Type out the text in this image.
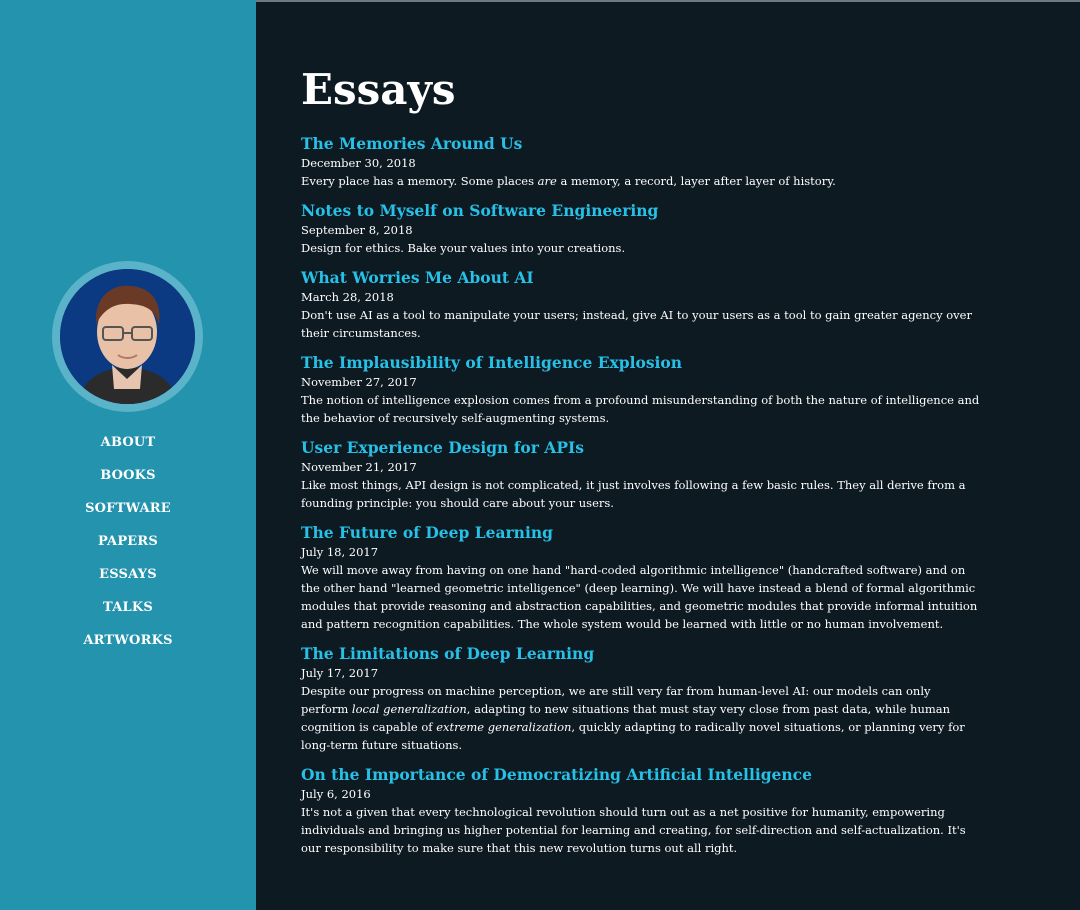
ABOUT
BOOKS
SOFTWARE
PAPERS
ESSAYS
TALKS
ARTWORKS
Essays
The Memories Around Us
December 30, 2018
Every place has a memory. Some places are a memory, a record, layer after layer of history.
Notes to Myself on Software Engineering
September 8, 2018
Design for ethics. Bake your values into your creations.
What Worries Me About AI
March 28, 2018
Don't use AI as a tool to manipulate your users; instead, give AI to your users as a tool to gain greater agency over their circumstances.
The Implausibility of Intelligence Explosion
November 27, 2017
The notion of intelligence explosion comes from a profound misunderstanding of both the nature of intelligence and the behavior of recursively self-augmenting systems.
User Experience Design for APIs
November 21, 2017
Like most things, API design is not complicated, it just involves following a few basic rules. They all derive from a founding principle: you should care about your users.
The Future of Deep Learning
July 18, 2017
We will move away from having on one hand "hard-coded algorithmic intelligence" (handcrafted software) and on the other hand "learned geometric intelligence" (deep learning). We will have instead a blend of formal algorithmic modules that provide reasoning and abstraction capabilities, and geometric modules that provide informal intuition and pattern recognition capabilities. The whole system would be learned with little or no human involvement.
The Limitations of Deep Learning
July 17, 2017
Despite our progress on machine perception, we are still very far from human-level AI: our models can only perform local generalization, adapting to new situations that must stay very close from past data, while human cognition is capable of extreme generalization, quickly adapting to radically novel situations, or planning very for long-term future situations.
On the Importance of Democratizing Artificial Intelligence
July 6, 2016
It's not a given that every technological revolution should turn out as a net positive for humanity, empowering individuals and bringing us higher potential for learning and creating, for self-direction and self-actualization. It's our responsibility to make sure that this new revolution turns out all right.
